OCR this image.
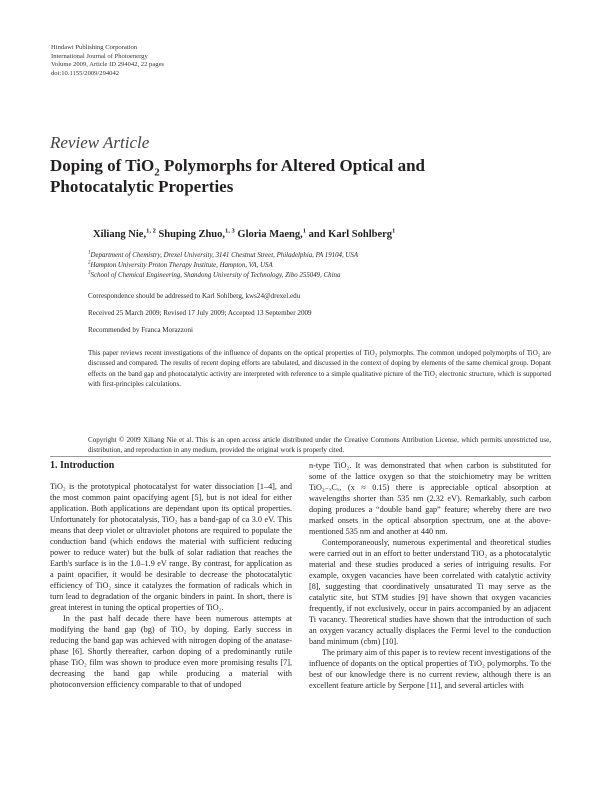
Hindawi Publishing Corporation
International Journal of Photoenergy
Volume 2009, Article ID 294042, 22 pages
doi:10.1155/2009/294042
Review Article
Doping of TiO$_2$ Polymorphs for Altered Optical and Photocatalytic Properties
Xiliang Nie,$^{1, 2}$ Shuping Zhuo,$^{1, 3}$ Gloria Maeng,$^1$ and Karl Sohlberg$^1$
$^1$Department of Chemistry, Drexel University, 3141 Chestnut Street, Philadelphia, PA 19104, USA
$^2$Hampton University Proton Therapy Institute, Hampton, VA, USA
$^3$School of Chemical Engineering, Shandong University of Technology, Zibo 255049, China
Correspondence should be addressed to Karl Sohlberg, kws24@drexel.edu
Received 25 March 2009; Revised 17 July 2009; Accepted 13 September 2009
Recommended by Franca Morazzoni
This paper reviews recent investigations of the influence of dopants on the optical properties of TiO₂ polymorphs. The common undoped polymorphs of TiO₂ are discussed and compared. The results of recent doping efforts are tabulated, and discussed in the context of doping by elements of the same chemical group. Dopant effects on the band gap and photocatalytic activity are interpreted with reference to a simple qualitative picture of the TiO₂ electronic structure, which is supported with first-principles calculations.
Copyright © 2009 Xiliang Nie et al. This is an open access article distributed under the Creative Commons Attribution License, which permits unrestricted use, distribution, and reproduction in any medium, provided the original work is properly cited.
1. Introduction

TiO₂ is the prototypical photocatalyst for water dissociation [1–4], and the most common paint opacifying agent [5], but is not ideal for either application. Both applications are dependant upon its optical properties. Unfortunately for photocatalysis, TiO₂ has a band-gap of ca 3.0 eV. This means that deep violet or ultraviolet photons are required to populate the conduction band (which endows the material with sufficient reducing power to reduce water) but the bulk of solar radiation that reaches the Earth's surface is in the 1.0–1.9 eV range. By contrast, for application as a paint opacifier, it would be desirable to decrease the photocatalytic efficiency of TiO₂ since it catalyzes the formation of radicals which in turn lead to degradation of the organic binders in paint. In short, there is great interest in tuning the optical properties of TiO₂.

In the past half decade there have been numerous attempts at modifying the band gap (bg) of TiO₂ by doping. Early success in reducing the band gap was achieved with nitrogen doping of the anatase-phase [6]. Shortly thereafter, carbon doping of a predominantly rutile phase TiO₂ film was shown to produce even more promising results [7], decreasing the band gap while producing a material with photoconversion efficiency comparable to that of undoped

n-type TiO₂. It was demonstrated that when carbon is substituted for some of the lattice oxygen so that the stoichiometry may be written TiO₂₋ₓCₓ, (x ≈ 0.15) there is appreciable optical absorption at wavelengths shorter than 535 nm (2.32 eV). Remarkably, such carbon doping produces a “double band gap” feature; whereby there are two marked onsets in the optical absorption spectrum, one at the above-mentioned 535 nm and another at 440 nm.

Contemporaneously, numerous experimental and theoretical studies were carried out in an effort to better understand TiO₂ as a photocatalytic material and these studies produced a series of intriguing results. For example, oxygen vacancies have been correlated with catalytic activity [8], suggesting that coordinatively unsaturated Ti may serve as the catalytic site, but STM studies [9] have shown that oxygen vacancies frequently, if not exclusively, occur in pairs accompanied by an adjacent Ti vacancy. Theoretical studies have shown that the introduction of such an oxygen vacancy actually displaces the Fermi level to the conduction band minimum (cbm) [10].

The primary aim of this paper is to review recent investigations of the influence of dopants on the optical properties of TiO₂ polymorphs. To the best of our knowledge there is no current review, although there is an excellent feature article by Serpone [11], and several articles with
